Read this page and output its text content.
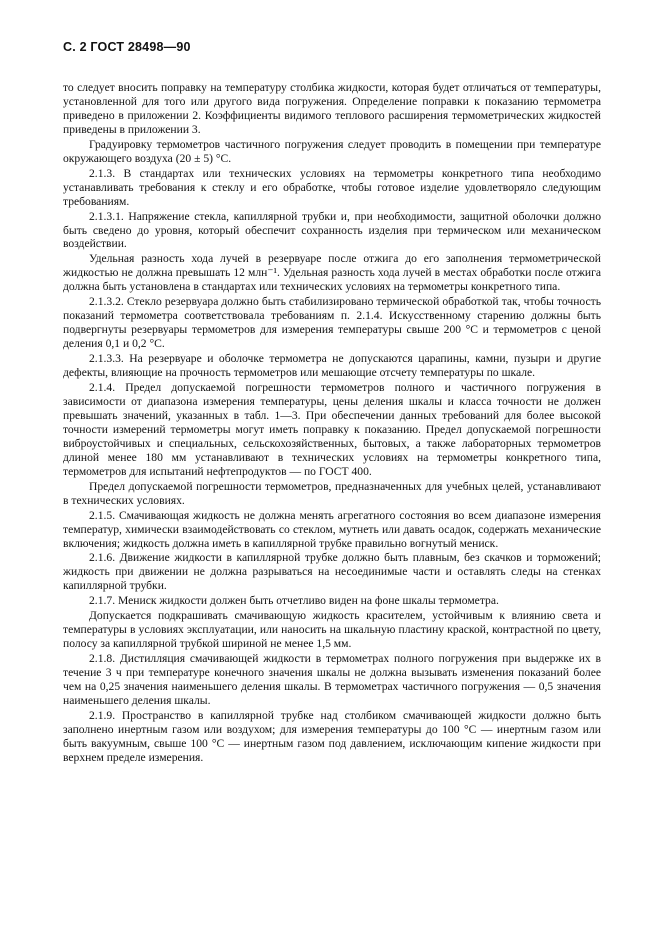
С. 2 ГОСТ 28498—90

то следует вносить поправку на температуру столбика жидкости, которая будет отличаться от температуры, установленной для того или другого вида погружения. Определение поправки к показанию термометра приведено в приложении 2. Коэффициенты видимого теплового расширения термометрических жидкостей приведены в приложении 3.

Градуировку термометров частичного погружения следует проводить в помещении при температуре окружающего воздуха (20 ± 5) °С.

2.1.3. В стандартах или технических условиях на термометры конкретного типа необходимо устанавливать требования к стеклу и его обработке, чтобы готовое изделие удовлетворяло следующим требованиям.

2.1.3.1. Напряжение стекла, капиллярной трубки и, при необходимости, защитной оболочки должно быть сведено до уровня, который обеспечит сохранность изделия при термическом или механическом воздействии.

Удельная разность хода лучей в резервуаре после отжига до его заполнения термометрической жидкостью не должна превышать 12 млн⁻¹. Удельная разность хода лучей в местах обработки после отжига должна быть установлена в стандартах или технических условиях на термометры конкретного типа.

2.1.3.2. Стекло резервуара должно быть стабилизировано термической обработкой так, чтобы точность показаний термометра соответствовала требованиям п. 2.1.4. Искусственному старению должны быть подвергнуты резервуары термометров для измерения температуры свыше 200 °С и термометров с ценой деления 0,1 и 0,2 °С.

2.1.3.3. На резервуаре и оболочке термометра не допускаются царапины, камни, пузыри и другие дефекты, влияющие на прочность термометров или мешающие отсчету температуры по шкале.

2.1.4. Предел допускаемой погрешности термометров полного и частичного погружения в зависимости от диапазона измерения температуры, цены деления шкалы и класса точности не должен превышать значений, указанных в табл. 1—3. При обеспечении данных требований для более высокой точности измерений термометры могут иметь поправку к показанию. Предел допускаемой погрешности виброустойчивых и специальных, сельскохозяйственных, бытовых, а также лабораторных термометров длиной менее 180 мм устанавливают в технических условиях на термометры конкретного типа, термометров для испытаний нефтепродуктов — по ГОСТ 400.

Предел допускаемой погрешности термометров, предназначенных для учебных целей, устанавливают в технических условиях.

2.1.5. Смачивающая жидкость не должна менять агрегатного состояния во всем диапазоне измерения температур, химически взаимодействовать со стеклом, мутнеть или давать осадок, содержать механические включения; жидкость должна иметь в капиллярной трубке правильно вогнутый мениск.

2.1.6. Движение жидкости в капиллярной трубке должно быть плавным, без скачков и торможений; жидкость при движении не должна разрываться на несоединимые части и оставлять следы на стенках капиллярной трубки.

2.1.7. Мениск жидкости должен быть отчетливо виден на фоне шкалы термометра.

Допускается подкрашивать смачивающую жидкость красителем, устойчивым к влиянию света и температуры в условиях эксплуатации, или наносить на шкальную пластину краской, контрастной по цвету, полосу за капиллярной трубкой шириной не менее 1,5 мм.

2.1.8. Дистилляция смачивающей жидкости в термометрах полного погружения при выдержке их в течение 3 ч при температуре конечного значения шкалы не должна вызывать изменения показаний более чем на 0,25 значения наименьшего деления шкалы. В термометрах частичного погружения — 0,5 значения наименьшего деления шкалы.

2.1.9. Пространство в капиллярной трубке над столбиком смачивающей жидкости должно быть заполнено инертным газом или воздухом; для измерения температуры до 100 °С — инертным газом или быть вакуумным, свыше 100 °С — инертным газом под давлением, исключающим кипение жидкости при верхнем пределе измерения.
